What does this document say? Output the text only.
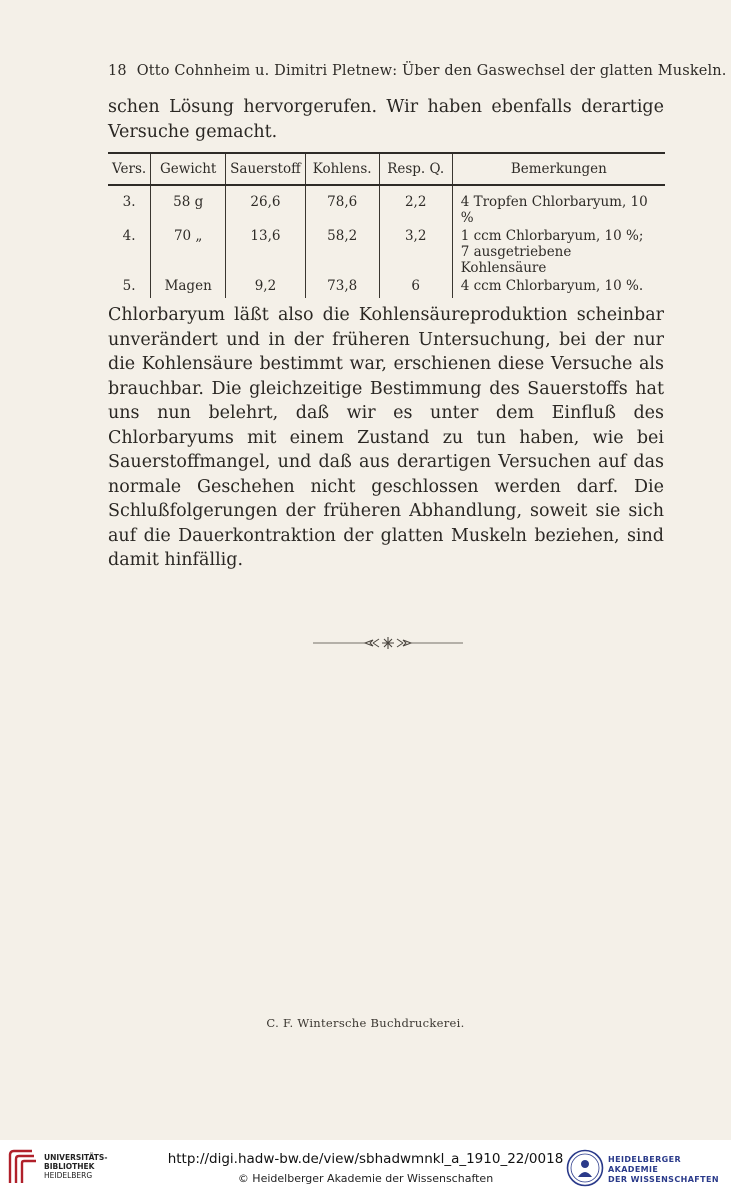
18 Otto Cohnheim u. Dimitri Pletnew: Über den Gaswechsel der glatten Muskeln.

schen Lösung hervorgerufen. Wir haben ebenfalls derartige Versuche gemacht.

Vers.	Gewicht	Sauerstoff	Kohlens.	Resp. Q.	Bemerkungen
3.	58 g	26,6	78,6	2,2	4 Tropfen Chlorbaryum, 10 %
4.	70 „	13,6	58,2	3,2	1 ccm Chlorbaryum, 10 %;
7 ausgetriebene Kohlensäure
5.	Magen	9,2	73,8	6	4 ccm Chlorbaryum, 10 %.

Chlorbaryum läßt also die Kohlensäureproduktion scheinbar unverändert und in der früheren Untersuchung, bei der nur die Kohlensäure bestimmt war, erschienen diese Versuche als brauchbar. Die gleichzeitige Bestimmung des Sauerstoffs hat uns nun belehrt, daß wir es unter dem Einfluß des Chlorbaryums mit einem Zustand zu tun haben, wie bei Sauerstoffmangel, und daß aus derartigen Versuchen auf das normale Geschehen nicht geschlossen werden darf. Die Schlußfolgerungen der früheren Abhandlung, soweit sie sich auf die Dauerkontraktion der glatten Muskeln beziehen, sind damit hinfällig.

C. F. Wintersche Buchdruckerei.
UNIVERSITÄTS-
BIBLIOTHEK
HEIDELBERG
http://digi.hadw-bw.de/view/sbhadwmnkl_a_1910_22/0018
© Heidelberger Akademie der Wissenschaften
HEIDELBERGER AKADEMIE
DER WISSENSCHAFTEN
